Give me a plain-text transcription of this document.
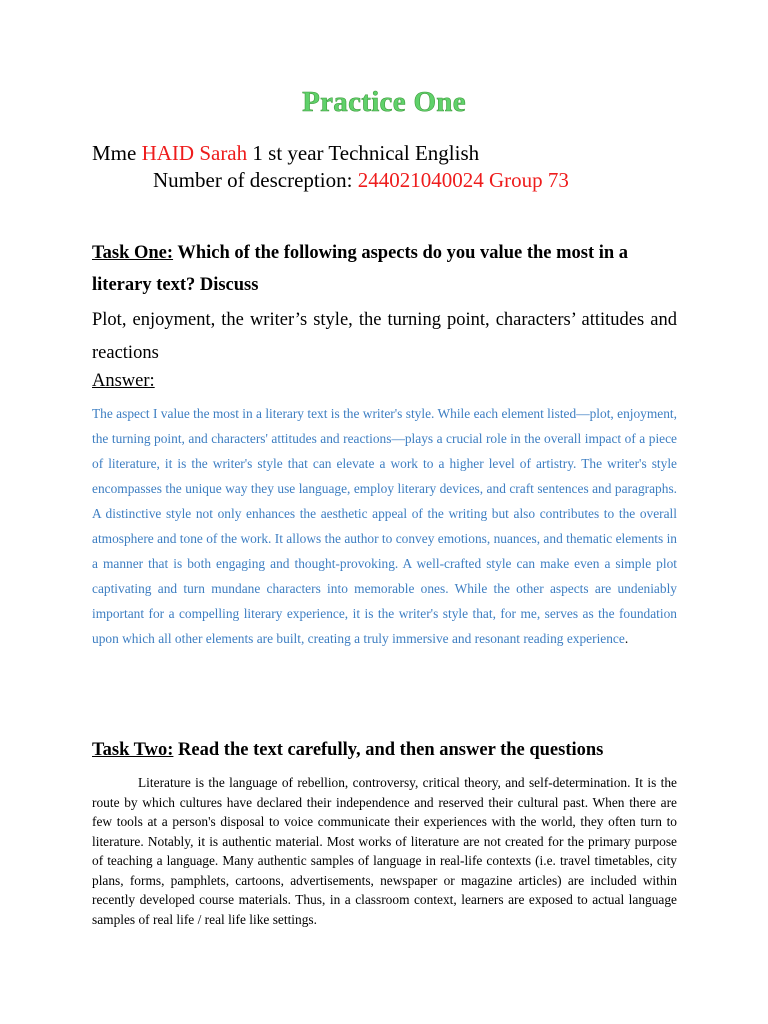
Practice One
Mme HAID Sarah 1 st year Technical English
Number of descreption: 244021040024 Group 73
Task One: Which of the following aspects do you value the most in a literary text? Discuss
Plot, enjoyment, the writer’s style, the turning point, characters’ attitudes and reactions
Answer:
The aspect I value the most in a literary text is the writer's style. While each element listed—plot, enjoyment, the turning point, and characters' attitudes and reactions—plays a crucial role in the overall impact of a piece of literature, it is the writer's style that can elevate a work to a higher level of artistry. The writer's style encompasses the unique way they use language, employ literary devices, and craft sentences and paragraphs. A distinctive style not only enhances the aesthetic appeal of the writing but also contributes to the overall atmosphere and tone of the work. It allows the author to convey emotions, nuances, and thematic elements in a manner that is both engaging and thought-provoking. A well-crafted style can make even a simple plot captivating and turn mundane characters into memorable ones. While the other aspects are undeniably important for a compelling literary experience, it is the writer's style that, for me, serves as the foundation upon which all other elements are built, creating a truly immersive and resonant reading experience.
Task Two: Read the text carefully, and then answer the questions
Literature is the language of rebellion, controversy, critical theory, and self-determination. It is the route by which cultures have declared their independence and reserved their cultural past. When there are few tools at a person's disposal to voice communicate their experiences with the world, they often turn to literature. Notably, it is authentic material. Most works of literature are not created for the primary purpose of teaching a language. Many authentic samples of language in real-life contexts (i.e. travel timetables, city plans, forms, pamphlets, cartoons, advertisements, newspaper or magazine articles) are included within recently developed course materials. Thus, in a classroom context, learners are exposed to actual language samples of real life / real life like settings.
